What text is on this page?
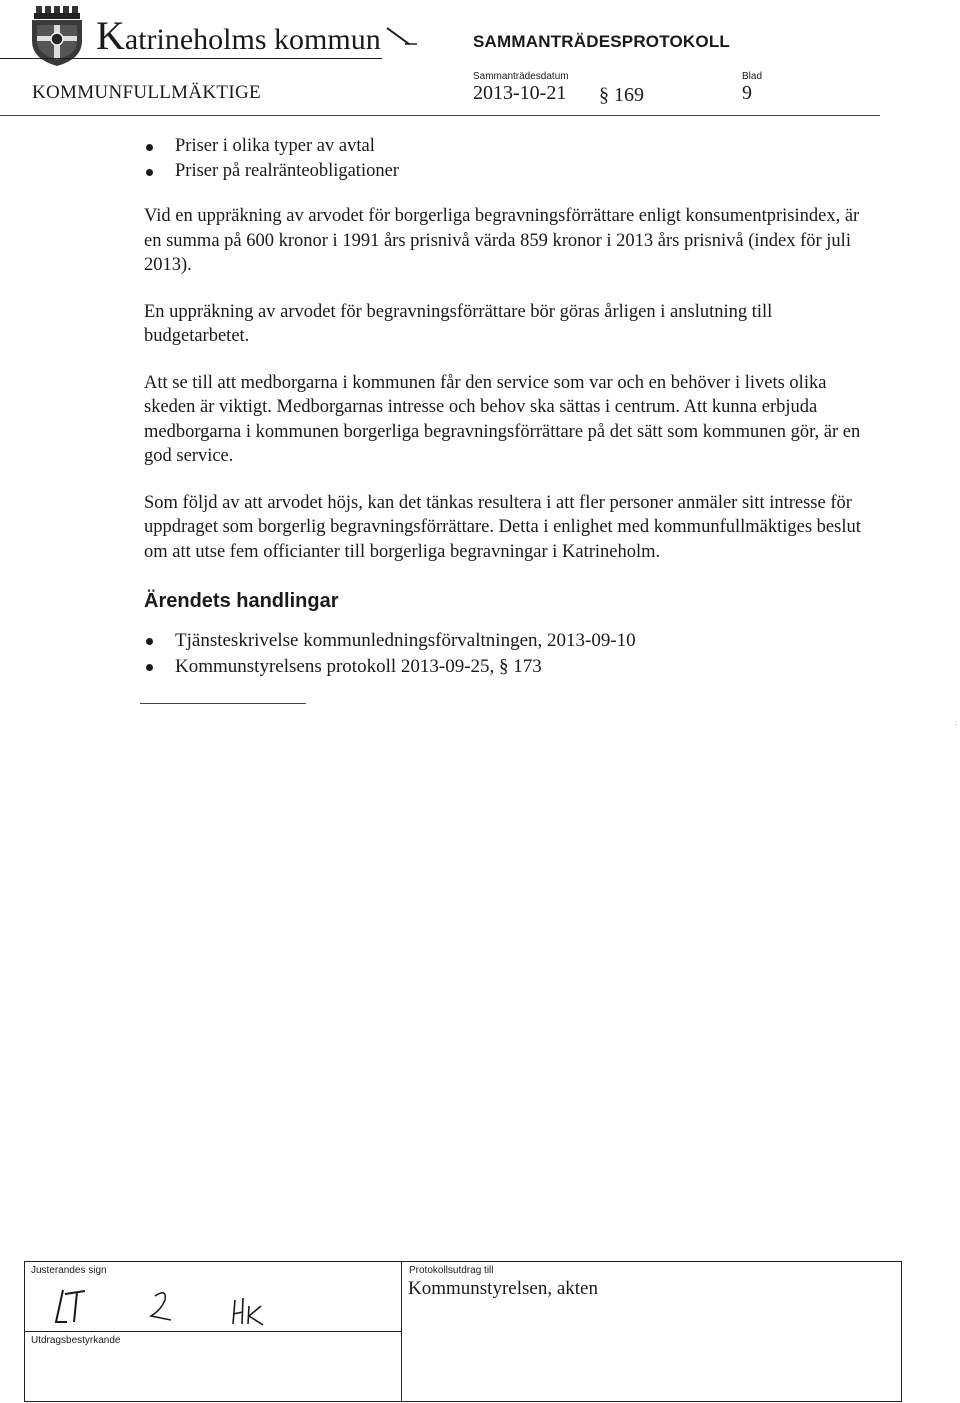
Katrineholms kommun	SAMMANTRÄDESPROTOKOLL
KOMMUNFULLMÄKTIGE
Sammanträdesdatum
2013-10-21 § 169
Blad
9
Priser i olika typer av avtal
Priser på realränteobligationer

Vid en uppräkning av arvodet för borgerliga begravningsförrättare enligt konsumentprisindex, är en summa på 600 kronor i 1991 års prisnivå värda 859 kronor i 2013 års prisnivå (index för juli 2013).

En uppräkning av arvodet för begravningsförrättare bör göras årligen i anslutning till budgetarbetet.

Att se till att medborgarna i kommunen får den service som var och en behöver i livets olika skeden är viktigt. Medborgarnas intresse och behov ska sättas i centrum. Att kunna erbjuda medborgarna i kommunen borgerliga begravningsförrättare på det sätt som kommunen gör, är en god service.

Som följd av att arvodet höjs, kan det tänkas resultera i att fler personer anmäler sitt intresse för uppdraget som borgerlig begravningsförrättare. Detta i enlighet med kommunfullmäktiges beslut om att utse fem officianter till borgerliga begravningar i Katrineholm.

Ärendets handlingar
Tjänsteskrivelse kommunledningsförvaltningen, 2013-09-10
Kommunstyrelsens protokoll 2013-09-25, § 173
:
Justerandes sign
Utdragsbestyrkande
Protokollsutdrag till
Kommunstyrelsen, akten
